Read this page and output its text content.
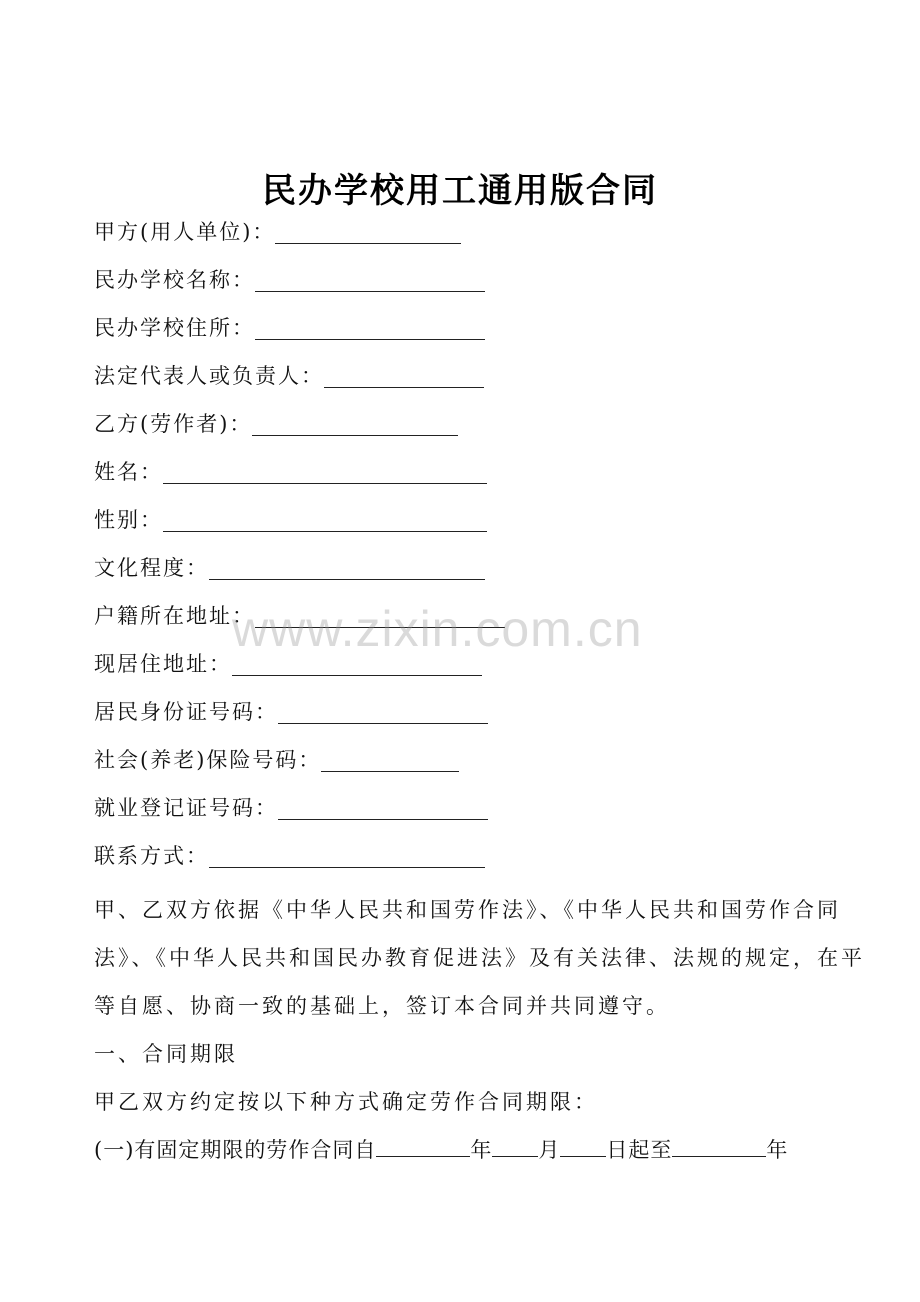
民办学校用工通用版合同
甲方(用人单位)：
民办学校名称：
民办学校住所：
法定代表人或负责人：
乙方(劳作者)：
姓名：
性别：
文化程度：
户籍所在地址：
现居住地址：
居民身份证号码：
社会(养老)保险号码：
就业登记证号码：
联系方式：
甲、乙双方依据《中华人民共和国劳作法》、《中华人民共和国劳作合同
法》、《中华人民共和国民办教育促进法》及有关法律、法规的规定，在平
等自愿、协商一致的基础上，签订本合同并共同遵守。
一、合同期限
甲乙双方约定按以下种方式确定劳作合同期限：
(一)有固定期限的劳作合同自	年 月 日起至	年
www.zixin.com.cn
